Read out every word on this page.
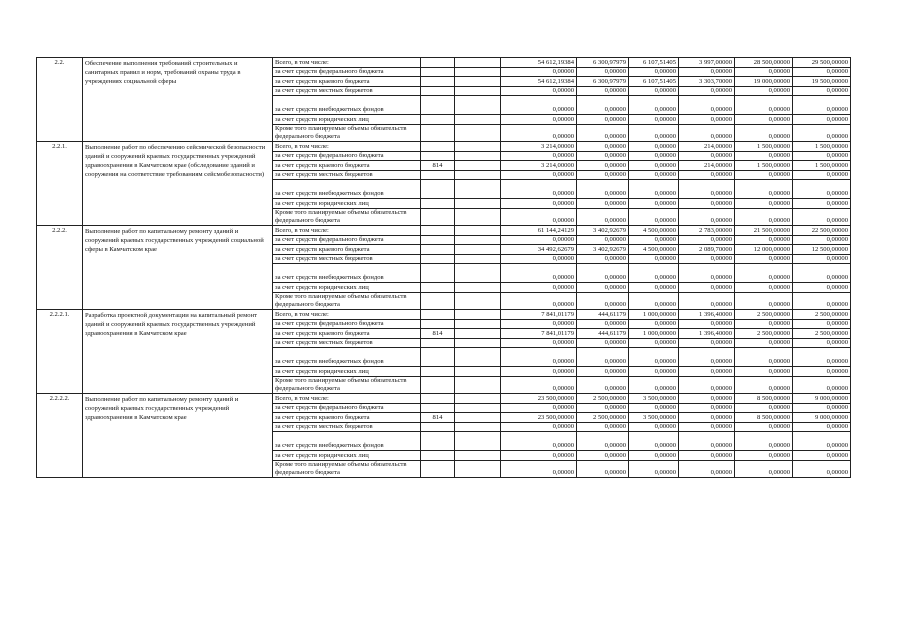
2.2.	Обеспечение выполнения требований строительных и санитарных правил и норм, требований охраны труда в учреждениях социальной сферы	Всего, в том числе:			54 612,19384	6 300,97979	6 107,51405	3 997,00000	28 500,00000	29 500,00000
		за счет средств федерального бюджета			0,00000	0,00000	0,00000	0,00000	0,00000	0,00000
		за счет средств краевого бюджета			54 612,19384	6 300,97979	6 107,51405	3 303,70000	19 000,00000	19 500,00000
		за счет средств местных бюджетов			0,00000	0,00000	0,00000	0,00000	0,00000	0,00000
		за счет средств внебюджетных фондов			0,00000	0,00000	0,00000	0,00000	0,00000	0,00000
		за счет средств юридических лиц			0,00000	0,00000	0,00000	0,00000	0,00000	0,00000
		Кроме того планируемые объемы обязательств федерального бюджета			0,00000	0,00000	0,00000	0,00000	0,00000	0,00000
2.2.1.	Выполнение работ по обеспечению сейсмической безопасности зданий и сооружений краевых государственных учреждений здравоохранения в Камчатском крае (обследование зданий и сооружения на соответствие требованиям сейсмобезопасности)	Всего, в том числе:			3 214,00000	0,00000	0,00000	214,00000	1 500,00000	1 500,00000
		за счет средств федерального бюджета			0,00000	0,00000	0,00000	0,00000	0,00000	0,00000
		за счет средств краевого бюджета	814		3 214,00000	0,00000	0,00000	214,00000	1 500,00000	1 500,00000
		за счет средств местных бюджетов			0,00000	0,00000	0,00000	0,00000	0,00000	0,00000
		за счет средств внебюджетных фондов			0,00000	0,00000	0,00000	0,00000	0,00000	0,00000
		за счет средств юридических лиц			0,00000	0,00000	0,00000	0,00000	0,00000	0,00000
		Кроме того планируемые объемы обязательств федерального бюджета			0,00000	0,00000	0,00000	0,00000	0,00000	0,00000
2.2.2.	Выполнение работ по капитальному ремонту зданий и сооружений краевых государственных учреждений социальной сферы в Камчатском крае	Всего, в том числе:			61 144,24129	3 402,92679	4 500,00000	2 783,00000	21 500,00000	22 500,00000
		за счет средств федерального бюджета			0,00000	0,00000	0,00000	0,00000	0,00000	0,00000
		за счет средств краевого бюджета			34 492,62679	3 402,92679	4 500,00000	2 089,70000	12 000,00000	12 500,00000
		за счет средств местных бюджетов			0,00000	0,00000	0,00000	0,00000	0,00000	0,00000
		за счет средств внебюджетных фондов			0,00000	0,00000	0,00000	0,00000	0,00000	0,00000
		за счет средств юридических лиц			0,00000	0,00000	0,00000	0,00000	0,00000	0,00000
		Кроме того планируемые объемы обязательств федерального бюджета			0,00000	0,00000	0,00000	0,00000	0,00000	0,00000
2.2.2.1.	Разработка проектной документации на капитальный ремонт зданий и сооружений краевых государственных учреждений здравоохранения в Камчатском крае	Всего, в том числе:			7 841,01179	444,61179	1 000,00000	1 396,40000	2 500,00000	2 500,00000
		за счет средств федерального бюджета			0,00000	0,00000	0,00000	0,00000	0,00000	0,00000
		за счет средств краевого бюджета	814		7 841,01179	444,61179	1 000,00000	1 396,40000	2 500,00000	2 500,00000
		за счет средств местных бюджетов			0,00000	0,00000	0,00000	0,00000	0,00000	0,00000
		за счет средств внебюджетных фондов			0,00000	0,00000	0,00000	0,00000	0,00000	0,00000
		за счет средств юридических лиц			0,00000	0,00000	0,00000	0,00000	0,00000	0,00000
		Кроме того планируемые объемы обязательств федерального бюджета			0,00000	0,00000	0,00000	0,00000	0,00000	0,00000
2.2.2.2.	Выполнение работ по капитальному ремонту зданий и сооружений краевых государственных учреждений здравоохранения в Камчатском крае	Всего, в том числе:			23 500,00000	2 500,00000	3 500,00000	0,00000	8 500,00000	9 000,00000
		за счет средств федерального бюджета			0,00000	0,00000	0,00000	0,00000	0,00000	0,00000
		за счет средств краевого бюджета	814		23 500,00000	2 500,00000	3 500,00000	0,00000	8 500,00000	9 000,00000
		за счет средств местных бюджетов			0,00000	0,00000	0,00000	0,00000	0,00000	0,00000
		за счет средств внебюджетных фондов			0,00000	0,00000	0,00000	0,00000	0,00000	0,00000
		за счет средств юридических лиц			0,00000	0,00000	0,00000	0,00000	0,00000	0,00000
		Кроме того планируемые объемы обязательств федерального бюджета			0,00000	0,00000	0,00000	0,00000	0,00000	0,00000
